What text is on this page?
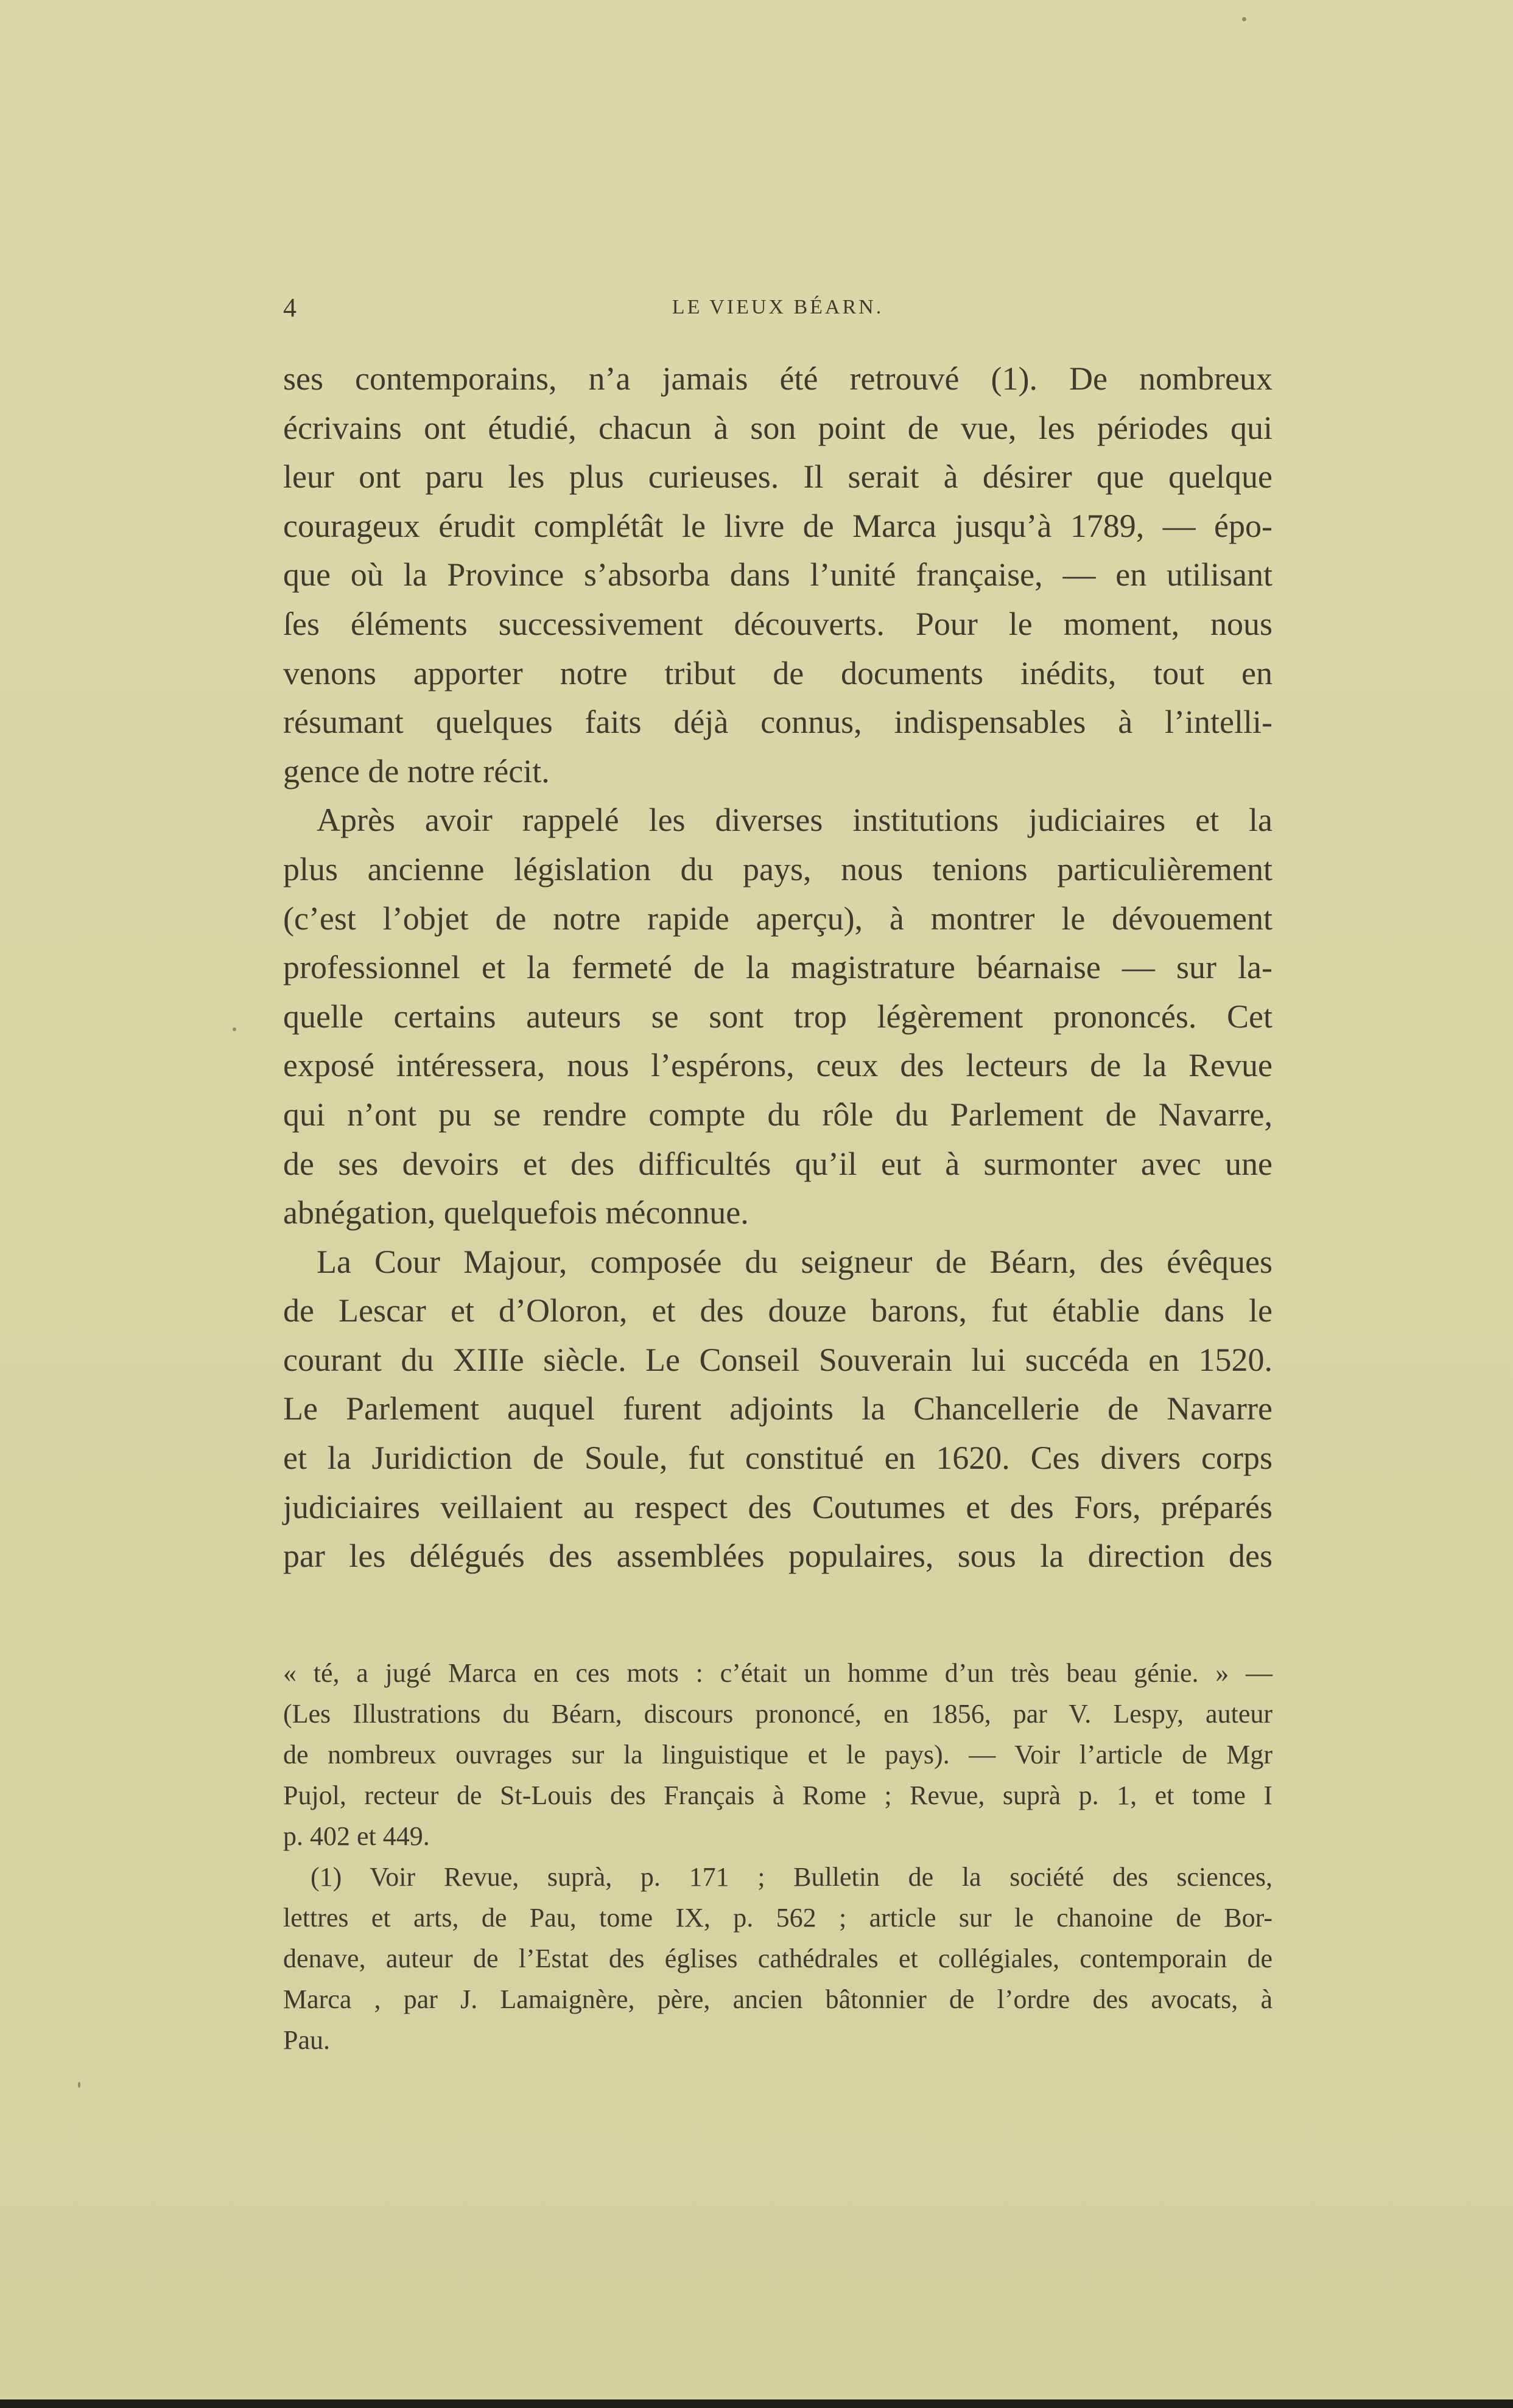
4	LE VIEUX BÉARN.
ses contemporains, n’a jamais été retrouvé (1). De nombreux
écrivains ont étudié, chacun à son point de vue, les périodes qui
leur ont paru les plus curieuses. Il serait à désirer que quelque
courageux érudit complétât le livre de Marca jusqu’à 1789, — épo-
que où la Province s’absorba dans l’unité française, — en utilisant
ſes éléments successivement découverts. Pour le moment, nous
venons apporter notre tribut de documents inédits, tout en
résumant quelques faits déjà connus, indispensables à l’intelli-
gence de notre récit.
Après avoir rappelé les diverses institutions judiciaires et la
plus ancienne législation du pays, nous tenions particulièrement
(c’est l’objet de notre rapide aperçu), à montrer le dévouement
professionnel et la fermeté de la magistrature béarnaise — sur la-
quelle certains auteurs se sont trop légèrement prononcés. Cet
exposé intéressera, nous l’espérons, ceux des lecteurs de la Revue
qui n’ont pu se rendre compte du rôle du Parlement de Navarre,
de ses devoirs et des difficultés qu’il eut à surmonter avec une
abnégation, quelquefois méconnue.
La Cour Majour, composée du seigneur de Béarn, des évêques
de Lescar et d’Oloron, et des douze barons, fut établie dans le
courant du XIIIe siècle. Le Conseil Souverain lui succéda en 1520.
Le Parlement auquel furent adjoints la Chancellerie de Navarre
et la Juridiction de Soule, fut constitué en 1620. Ces divers corps
judiciaires veillaient au respect des Coutumes et des Fors, préparés
par les délégués des assemblées populaires, sous la direction des
« té, a jugé Marca en ces mots : c’était un homme d’un très beau génie. » —
(Les Illustrations du Béarn, discours prononcé, en 1856, par V. Lespy, auteur
de nombreux ouvrages sur la linguistique et le pays). — Voir l’article de Mgr
Pujol, recteur de St-Louis des Français à Rome ; Revue, suprà p. 1, et tome I
p. 402 et 449.
(1) Voir Revue, suprà, p. 171 ; Bulletin de la société des sciences,
lettres et arts, de Pau, tome IX, p. 562 ; article sur le chanoine de Bor-
denave, auteur de l’Estat des églises cathédrales et collégiales, contemporain de
Marca , par J. Lamaignère, père, ancien bâtonnier de l’ordre des avocats, à
Pau.
